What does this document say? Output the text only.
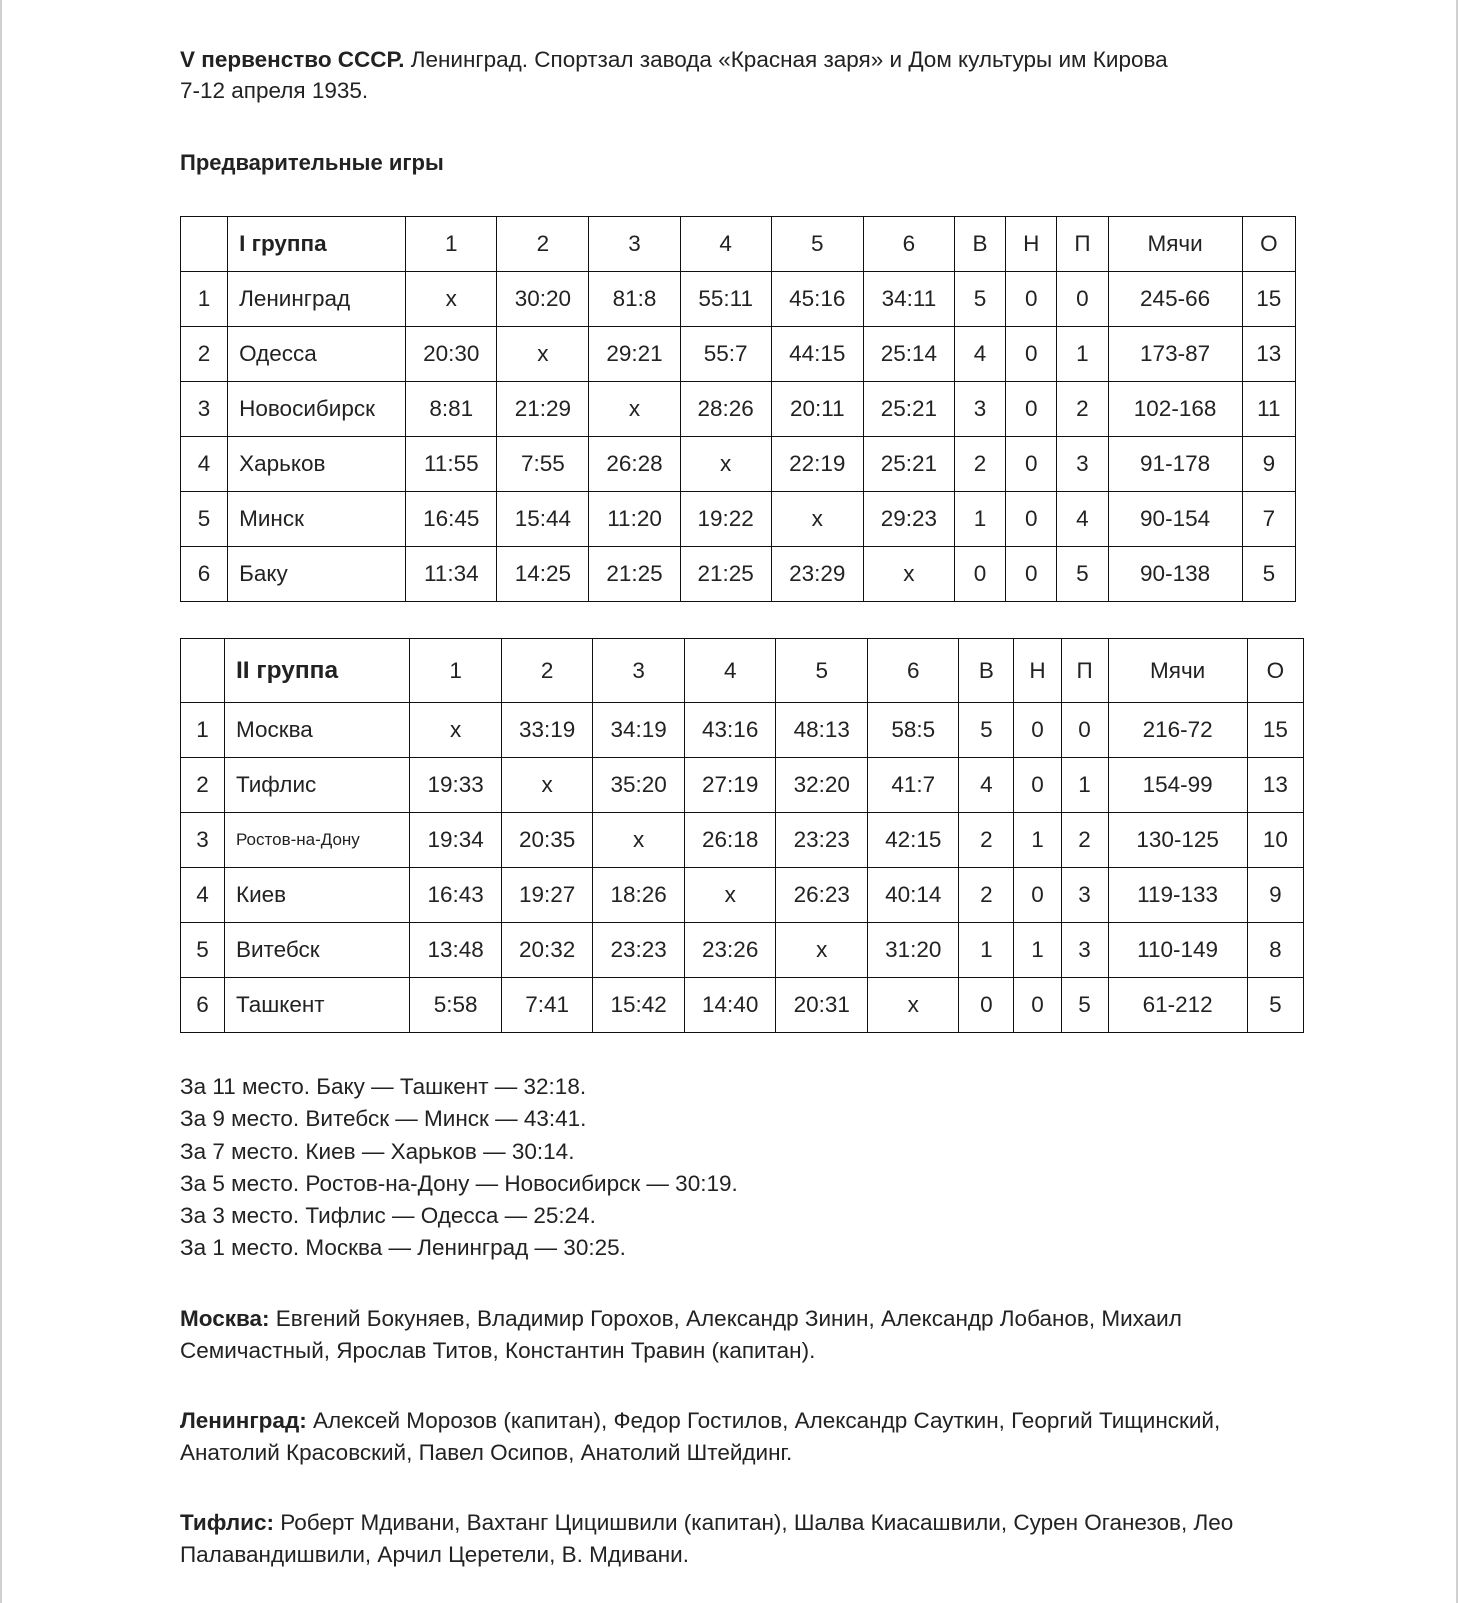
V первенство СССР. Ленинград. Спортзал завода «Красная заря» и Дом культуры им Кирова
7-12 апреля 1935.

Предварительные игры

	I группа	1	2	3	4	5	6	В	Н	П	Мячи	О
1	Ленинград	x	30:20	81:8	55:11	45:16	34:11	5	0	0	245-66	15
2	Одесса	20:30	x	29:21	55:7	44:15	25:14	4	0	1	173-87	13
3	Новосибирск	8:81	21:29	x	28:26	20:11	25:21	3	0	2	102-168	11
4	Харьков	11:55	7:55	26:28	x	22:19	25:21	2	0	3	91-178	9
5	Минск	16:45	15:44	11:20	19:22	x	29:23	1	0	4	90-154	7
6	Баку	11:34	14:25	21:25	21:25	23:29	x	0	0	5	90-138	5
	II группа	1	2	3	4	5	6	В	Н	П	Мячи	О
1	Москва	x	33:19	34:19	43:16	48:13	58:5	5	0	0	216-72	15
2	Тифлис	19:33	x	35:20	27:19	32:20	41:7	4	0	1	154-99	13
3	Ростов-на-Дону	19:34	20:35	x	26:18	23:23	42:15	2	1	2	130-125	10
4	Киев	16:43	19:27	18:26	x	26:23	40:14	2	0	3	119-133	9
5	Витебск	13:48	20:32	23:23	23:26	x	31:20	1	1	3	110-149	8
6	Ташкент	5:58	7:41	15:42	14:40	20:31	x	0	0	5	61-212	5
За 11 место. Баку — Ташкент — 32:18.
За 9 место. Витебск — Минск — 43:41.
За 7 место. Киев — Харьков — 30:14.
За 5 место. Ростов-на-Дону — Новосибирск — 30:19.
За 3 место. Тифлис — Одесса — 25:24.
За 1 место. Москва — Ленинград — 30:25.
Москва: Евгений Бокуняев, Владимир Горохов, Александр Зинин, Александр Лобанов, Михаил Семичастный, Ярослав Титов, Константин Травин (капитан).
Ленинград: Алексей Морозов (капитан), Федор Гостилов, Александр Сауткин, Георгий Тищинский, Анатолий Красовский, Павел Осипов, Анатолий Штейдинг.
Тифлис: Роберт Мдивани, Вахтанг Цицишвили (капитан), Шалва Киасашвили, Сурен Оганезов, Лео Палавандишвили, Арчил Церетели, В. Мдивани.
